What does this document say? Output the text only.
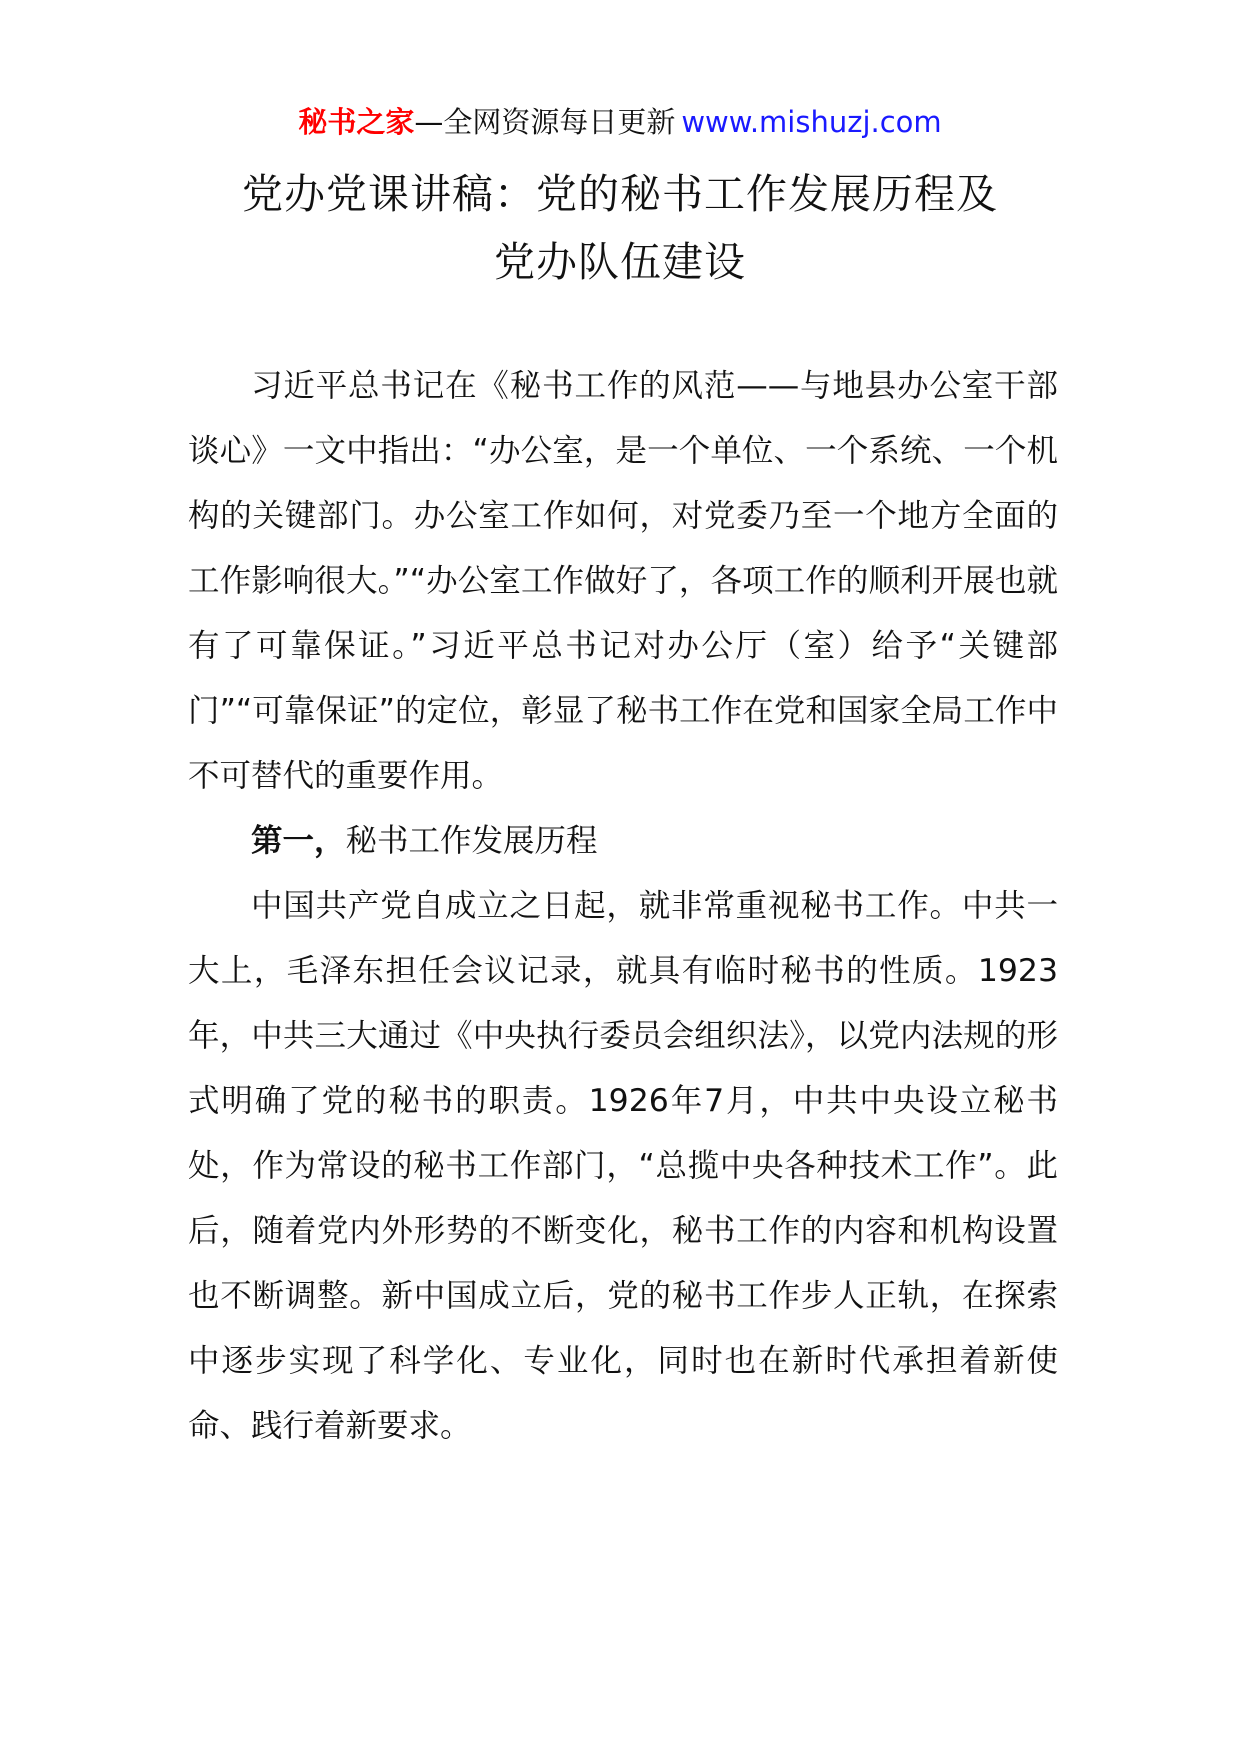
秘书之家—全网资源每日更新 www.mishuzj.com
党办党课讲稿：党的秘书工作发展历程及
党办队伍建设

习近平总书记在《秘书工作的风范——与地县办公室干部谈心》一文中指出：“办公室，是一个单位、一个系统、一个机构的关键部门。办公室工作如何，对党委乃至一个地方全面的工作影响很大。”“办公室工作做好了，各项工作的顺利开展也就有了可靠保证。”习近平总书记对办公厅（室）给予“关键部门”“可靠保证”的定位，彰显了秘书工作在党和国家全局工作中不可替代的重要作用。

第一，秘书工作发展历程

中国共产党自成立之日起，就非常重视秘书工作。中共一大上，毛泽东担任会议记录，就具有临时秘书的性质。1923年，中共三大通过《中央执行委员会组织法》，以党内法规的形式明确了党的秘书的职责。1926年7月，中共中央设立秘书处，作为常设的秘书工作部门，“总揽中央各种技术工作”。此后，随着党内外形势的不断变化，秘书工作的内容和机构设置也不断调整。新中国成立后，党的秘书工作步人正轨，在探索中逐步实现了科学化、专业化，同时也在新时代承担着新使命、践行着新要求。
